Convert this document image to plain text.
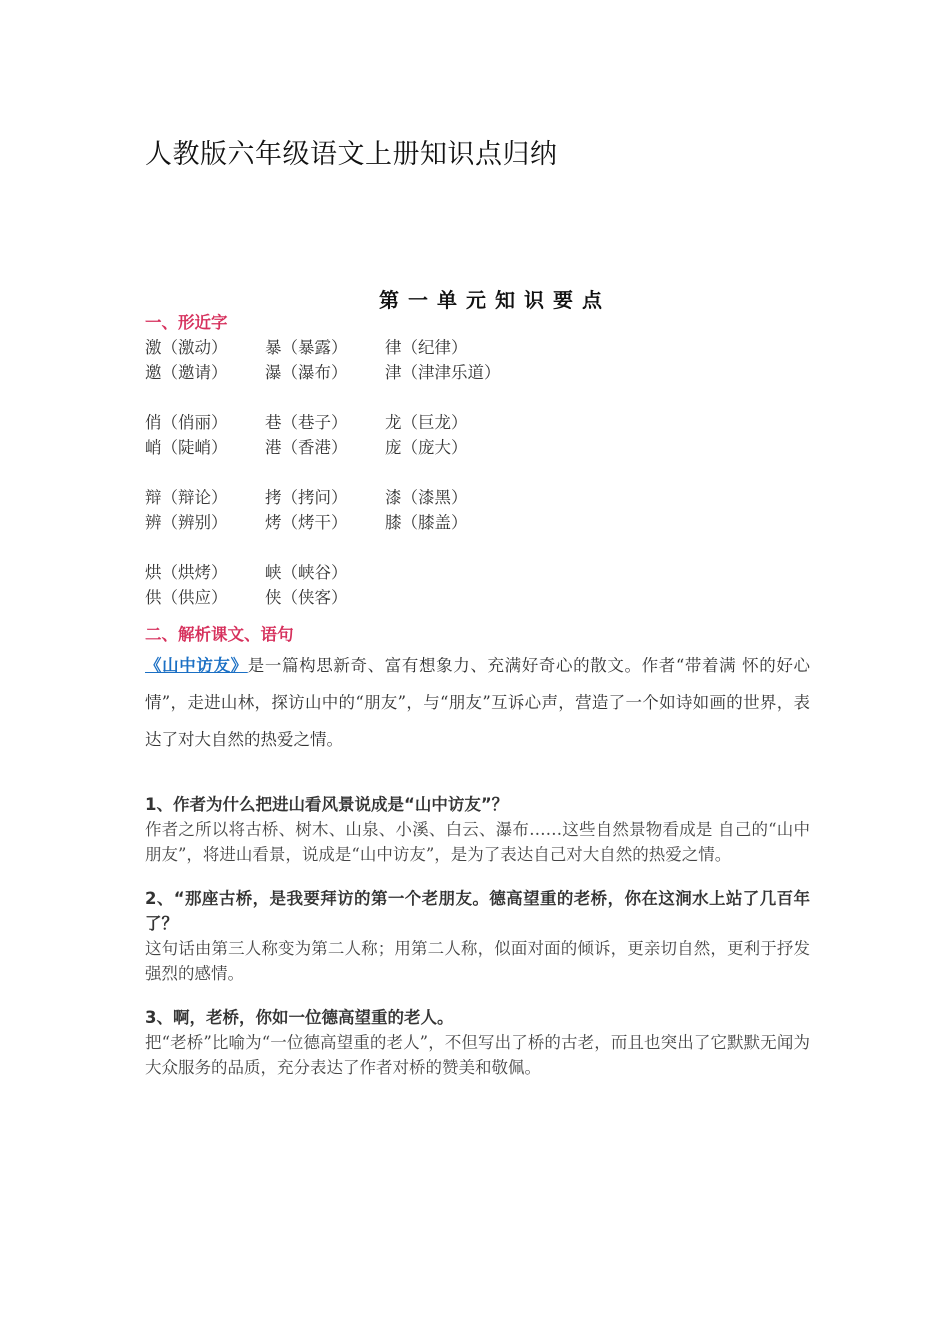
人教版六年级语文上册知识点归纳
第一单元知识要点
一、形近字
激（激动）	暴（暴露）	律（纪律）
邀（邀请）	瀑（瀑布）	津（津津乐道）
俏（俏丽）	巷（巷子）	龙（巨龙）
峭（陡峭）	港（香港）	庞（庞大）
辩（辩论）	拷（拷问）	漆（漆黑）
辨（辨别）	烤（烤干）	膝（膝盖）
烘（烘烤）	峡（峡谷）
供（供应）	侠（侠客）
二、解析课文、语句
《山中访友》是一篇构思新奇、富有想象力、充满好奇心的散文。作者“带着满 怀的好心情”，走进山林，探访山中的“朋友”，与“朋友”互诉心声，营造了一个如诗如画的世界，表达了对大自然的热爱之情。
1、作者为什么把进山看风景说成是“山中访友”？
作者之所以将古桥、树木、山泉、小溪、白云、瀑布……这些自然景物看成是 自己的“山中朋友”，将进山看景，说成是“山中访友”，是为了表达自己对大自然的热爱之情。
2、“那座古桥，是我要拜访的第一个老朋友。德高望重的老桥，你在这涧水上站了几百年了？
这句话由第三人称变为第二人称；用第二人称，似面对面的倾诉，更亲切自然，更利于抒发强烈的感情。
3、啊，老桥，你如一位德高望重的老人。
把“老桥”比喻为“一位德高望重的老人”，不但写出了桥的古老，而且也突出了它默默无闻为大众服务的品质，充分表达了作者对桥的赞美和敬佩。
